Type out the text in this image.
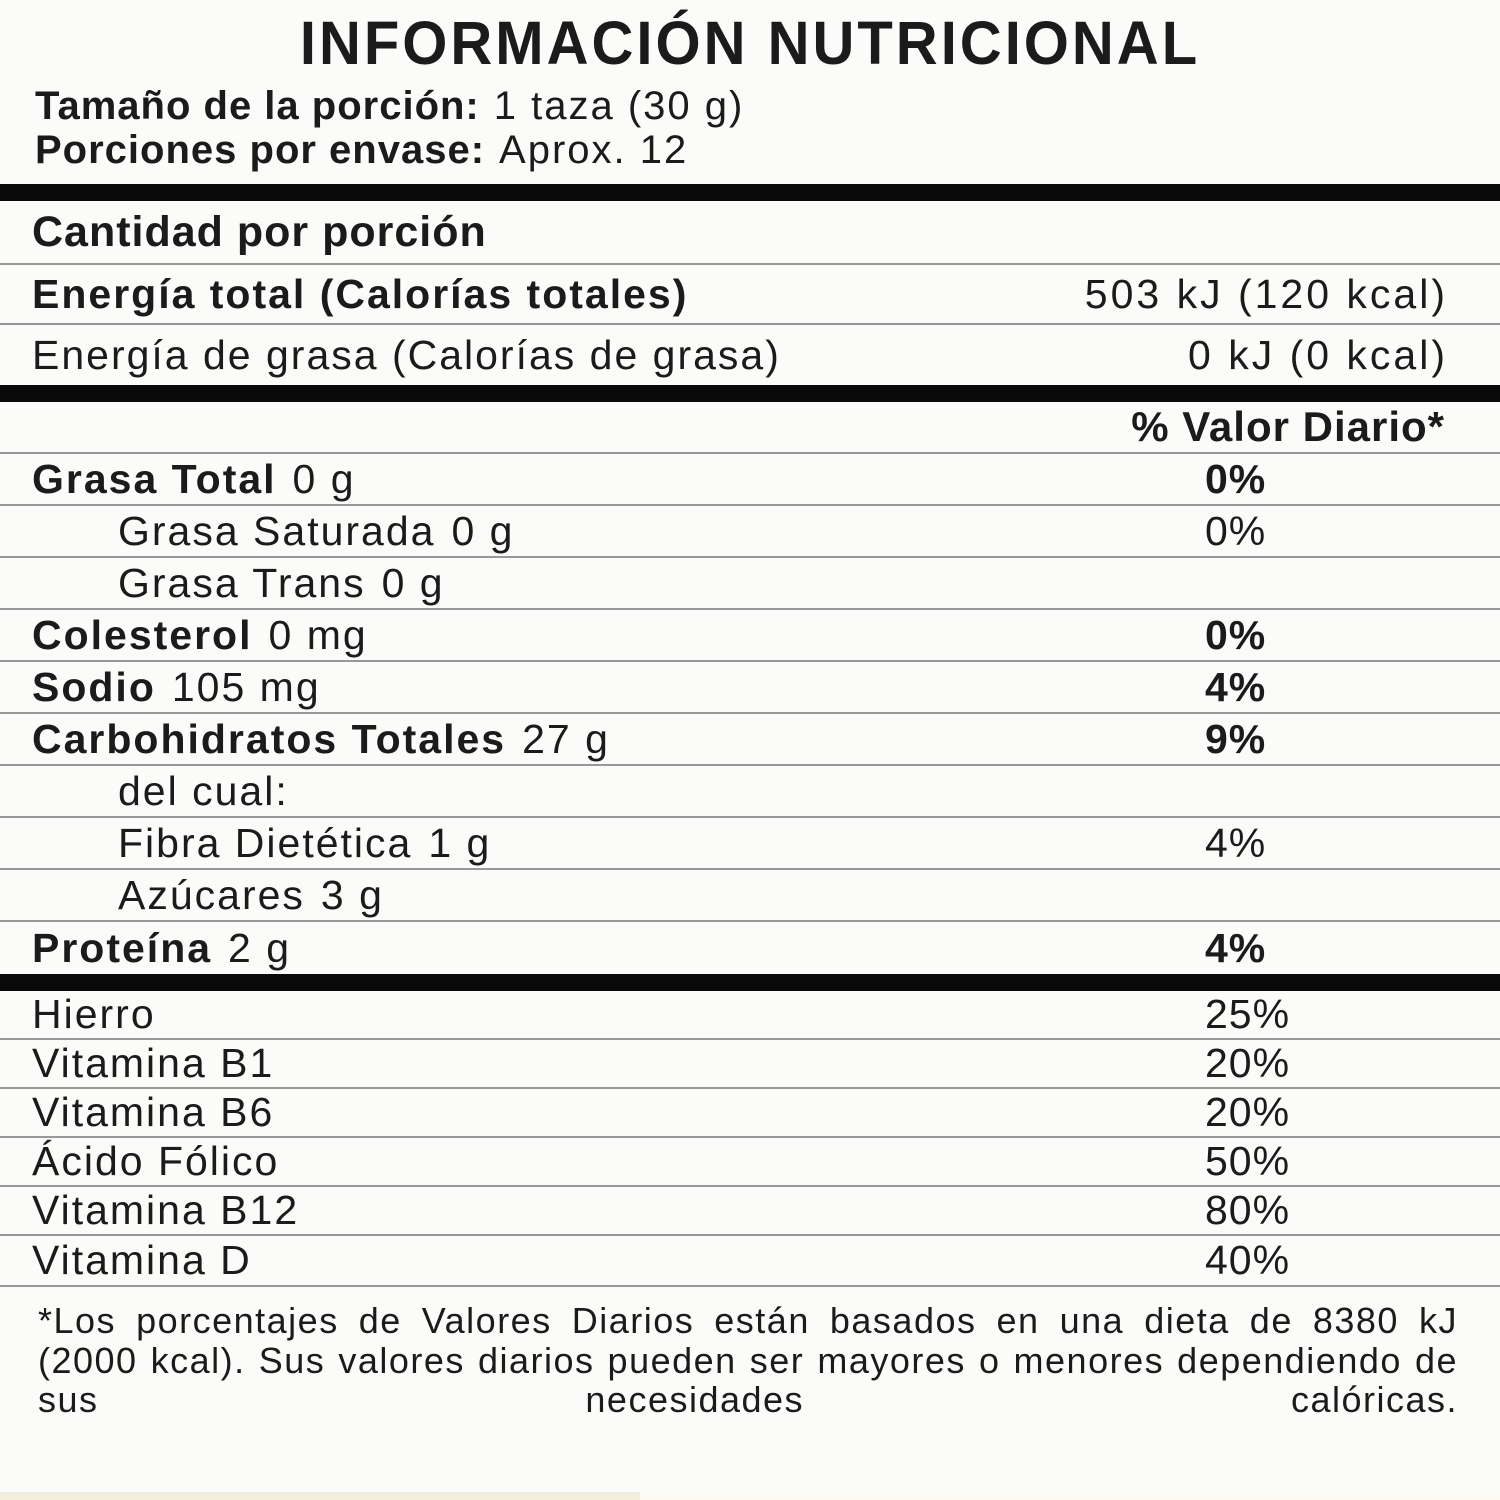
INFORMACIÓN NUTRICIONAL
Tamaño de la porción: 1 taza (30 g)
Porciones por envase: Aprox. 12
Cantidad por porción
Energía total (Calorías totales)	503 kJ (120 kcal)
Energía de grasa (Calorías de grasa)	0 kJ (0 kcal)
% Valor Diario*
Grasa Total 0 g	0%
Grasa Saturada 0 g	0%
Grasa Trans 0 g
Colesterol 0 mg	0%
Sodio 105 mg	4%
Carbohidratos Totales 27 g	9%
del cual:
Fibra Dietética 1 g	4%
Azúcares 3 g
Proteína 2 g	4%
Hierro	25%
Vitamina B1	20%
Vitamina B6	20%
Ácido Fólico	50%
Vitamina B12	80%
Vitamina D	40%
*Los porcentajes de Valores Diarios están basados en una dieta de 8380 kJ (2000 kcal). Sus valores diarios pueden ser mayores o menores dependiendo de sus necesidades calóricas.
